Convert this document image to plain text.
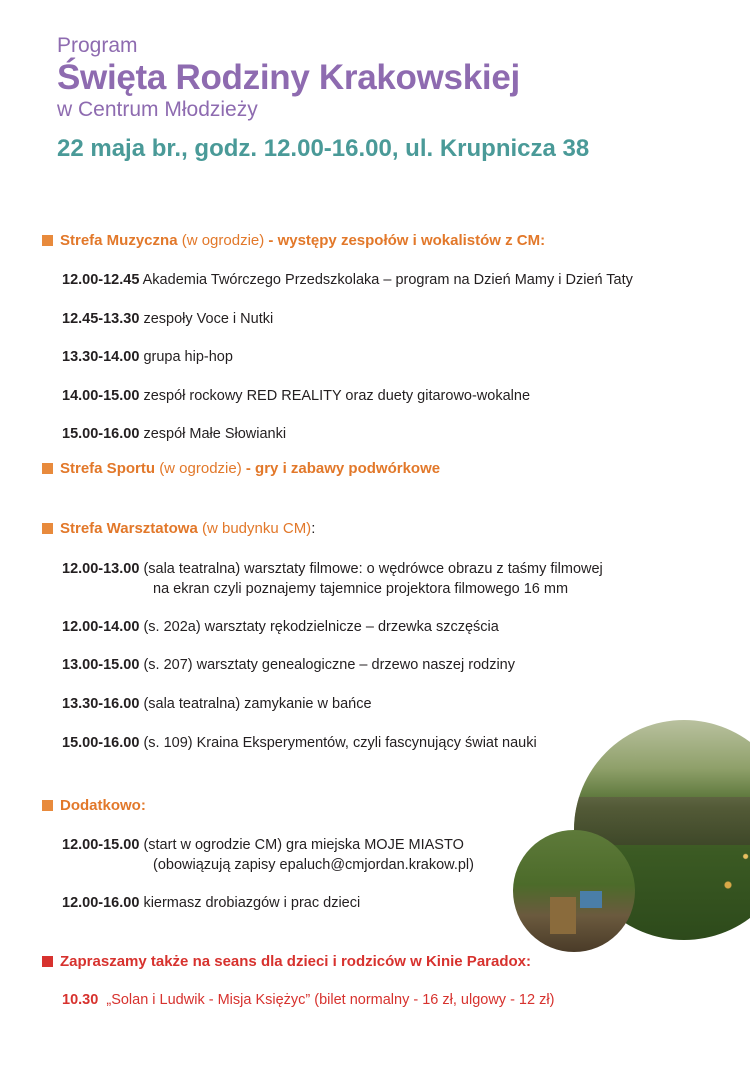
Program
Święta Rodziny Krakowskiej
w Centrum Młodzieży
22 maja br., godz. 12.00-16.00, ul. Krupnicza 38
Strefa Muzyczna (w ogrodzie) - występy zespołów i wokalistów z CM:
12.00-12.45 Akademia Twórczego Przedszkolaka – program na Dzień Mamy i Dzień Taty
12.45-13.30 zespoły Voce i Nutki
13.30-14.00 grupa hip-hop
14.00-15.00 zespół rockowy RED REALITY oraz duety gitarowo-wokalne
15.00-16.00 zespół Małe Słowianki
Strefa Sportu (w ogrodzie) - gry i zabawy podwórkowe
Strefa Warsztatowa (w budynku CM):
12.00-13.00 (sala teatralna) warsztaty filmowe: o wędrówce obrazu z taśmy filmowej
na ekran czyli poznajemy tajemnice projektora filmowego 16 mm
12.00-14.00 (s. 202a) warsztaty rękodzielnicze – drzewka szczęścia
13.00-15.00 (s. 207) warsztaty genealogiczne – drzewo naszej rodziny
13.30-16.00 (sala teatralna) zamykanie w bańce
15.00-16.00 (s. 109) Kraina Eksperymentów, czyli fascynujący świat nauki
Dodatkowo:
12.00-15.00 (start w ogrodzie CM) gra miejska MOJE MIASTO
(obowiązują zapisy epaluch@cmjordan.krakow.pl)
12.00-16.00 kiermasz drobiazgów i prac dzieci
Zapraszamy także na seans dla dzieci i rodziców w Kinie Paradox:
10.30 „Solan i Ludwik - Misja Księżyc” (bilet normalny - 16 zł, ulgowy - 12 zł)
